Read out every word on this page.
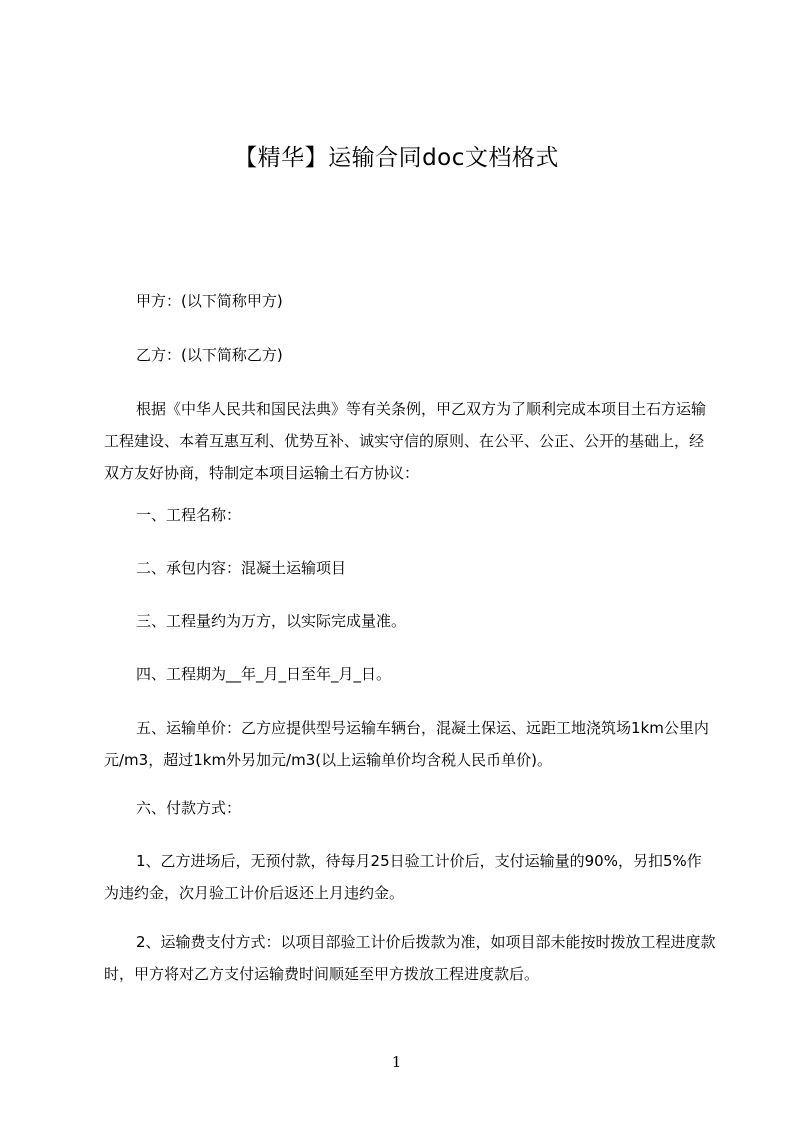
【精华】运输合同doc文档格式

甲方：(以下简称甲方)

乙方：(以下简称乙方)

根据《中华人民共和国民法典》等有关条例，甲乙双方为了顺利完成本项目土石方运输工程建设、本着互惠互利、优势互补、诚实守信的原则、在公平、公正、公开的基础上，经双方友好协商，特制定本项目运输土石方协议：

一、工程名称：

二、承包内容：混凝土运输项目

三、工程量约为万方，以实际完成量准。

四、工程期为__年_月_日至年_月_日。

五、运输单价：乙方应提供型号运输车辆台，混凝土保运、远距工地浇筑场1km公里内元/m3，超过1km外另加元/m3(以上运输单价均含税人民币单价)。

六、付款方式：

1、乙方进场后，无预付款，待每月25日验工计价后，支付运输量的90%，另扣5%作为违约金，次月验工计价后返还上月违约金。

2、运输费支付方式：以项目部验工计价后拨款为准，如项目部未能按时拨放工程进度款时，甲方将对乙方支付运输费时间顺延至甲方拨放工程进度款后。

1
